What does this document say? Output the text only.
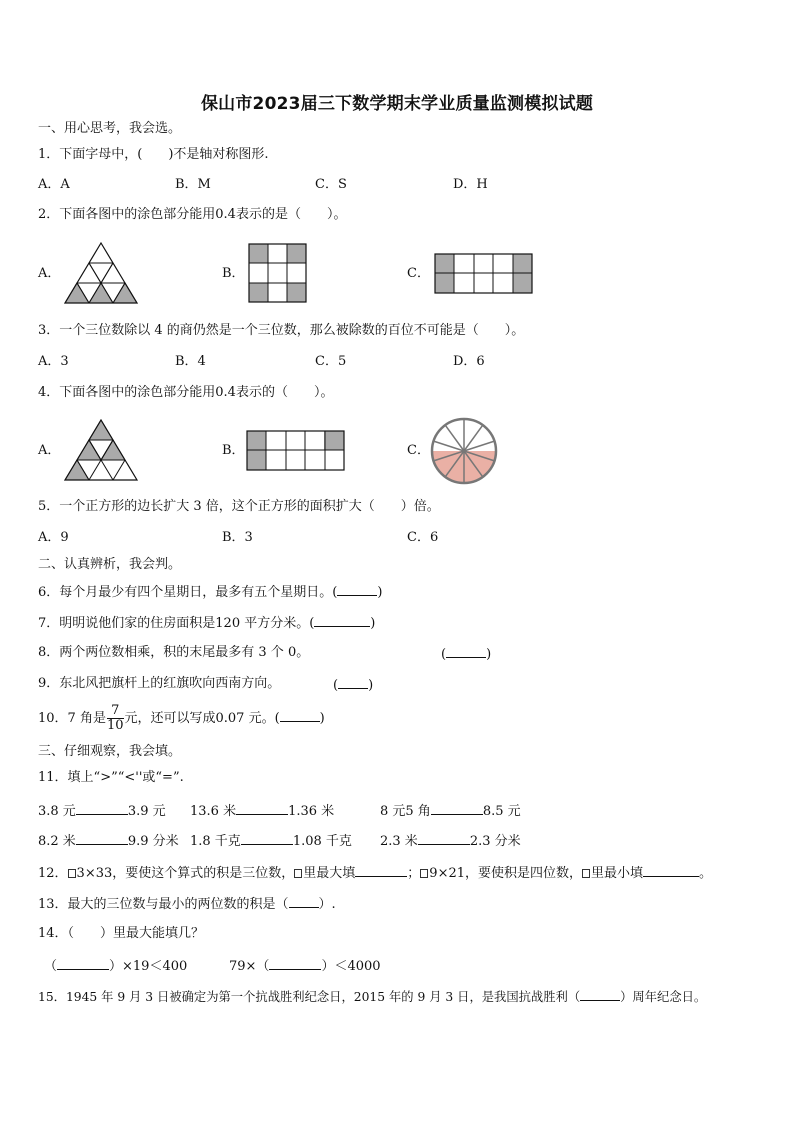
保山市2023届三下数学期末学业质量监测模拟试题
一、用心思考，我会选。
1．下面字母中，(　　)不是轴对称图形.
A．A	B．M	C．S	D．H
2．下面各图中的涂色部分能用0.4表示的是（　　）。
A．	B．	C．
3．一个三位数除以 4 的商仍然是一个三位数，那么被除数的百位不可能是（　　）。
A．3	B．4	C．5	D．6
4．下面各图中的涂色部分能用0.4表示的（　　）。
A．	B．	C．
5．一个正方形的边长扩大 3 倍，这个正方形的面积扩大（　　）倍。
A．9	B．3	C．6
二、认真辨析，我会判。
6．每个月最少有四个星期日，最多有五个星期日。(	)
7．明明说他们家的住房面积是120 平方分米。(	)
8．两个两位数相乘，积的末尾最多有 3 个 0。	(	)
9．东北风把旗杆上的红旗吹向西南方向。	( )
10．7 角是 $\frac{7}{10}$ 元，还可以写成0.07 元。(	)
三、仔细观察，我会填。
11．填上“>”“<''或“=”.
3.8 元	3.9 元 13.6 米	1.36 米	8 元5 角	8.5 元
8.2 米	9.9 分米 1.8 千克	1.08 千克 2.3 米	2.3 分米
12． 3×33，要使这个算式的积是三位数， 里最大填	； 9×21，要使积是四位数， 里最小填	。
13．最大的三位数与最小的两位数的积是（ ）.
14．（　　）里最大能填几？
（	）×19＜400	79×（	）＜4000
15．1945 年 9 月 3 日被确定为第一个抗战胜利纪念日，2015 年的 9 月 3 日，是我国抗战胜利（	）周年纪念日。
